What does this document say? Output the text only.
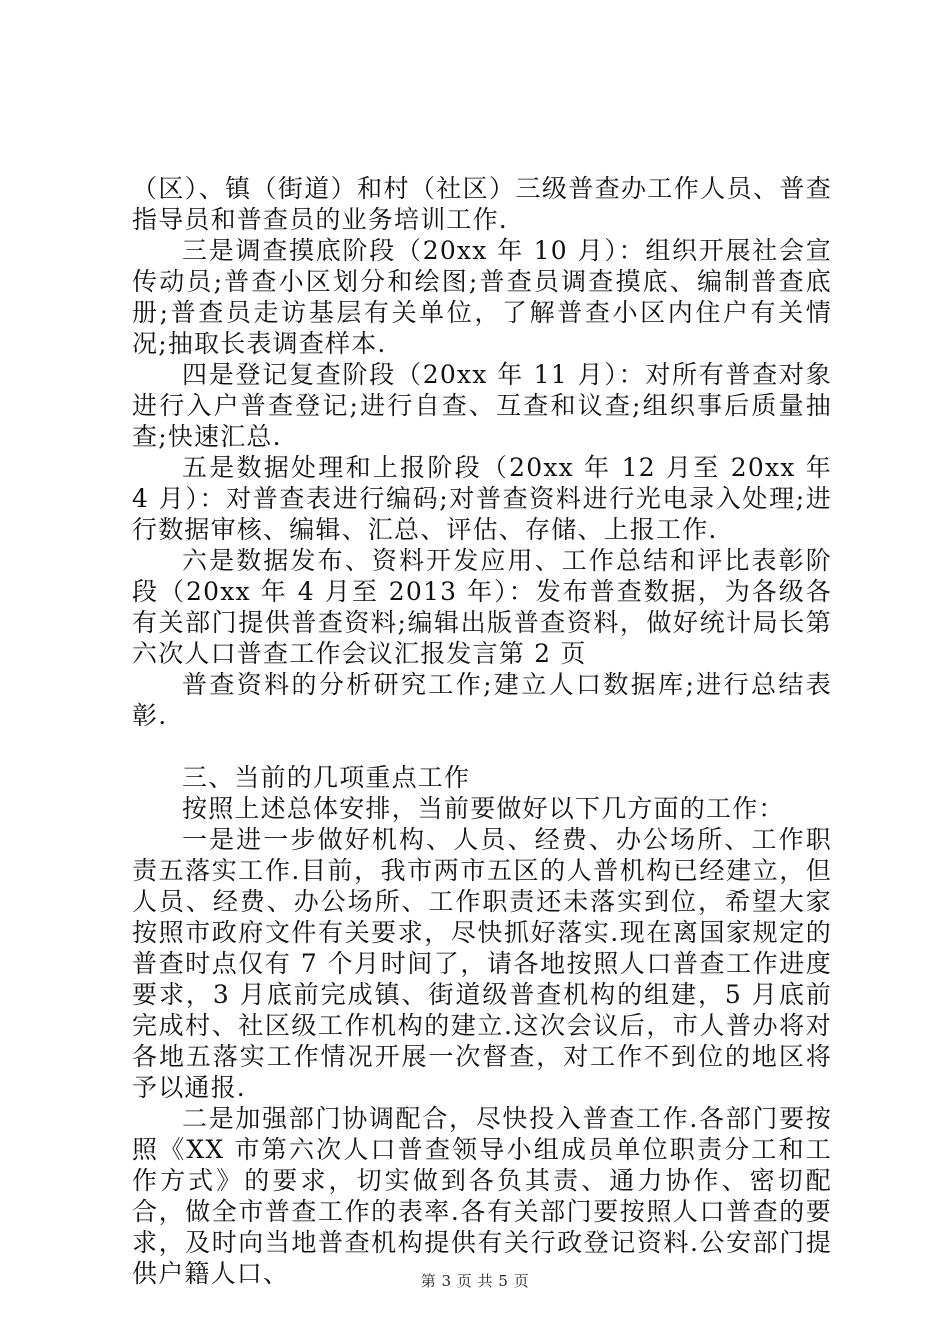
（区）、镇（街道）和村（社区）三级普查办工作人员、普查指导员和普查员的业务培训工作.

三是调查摸底阶段（20xx 年 10 月）：组织开展社会宣传动员;普查小区划分和绘图;普查员调查摸底、编制普查底册;普查员走访基层有关单位，了解普查小区内住户有关情况;抽取长表调查样本.

四是登记复查阶段（20xx 年 11 月）：对所有普查对象进行入户普查登记;进行自查、互查和议查;组织事后质量抽查;快速汇总.

五是数据处理和上报阶段（20xx 年 12 月至 20xx 年 4 月）：对普查表进行编码;对普查资料进行光电录入处理;进行数据审核、编辑、汇总、评估、存储、上报工作.

六是数据发布、资料开发应用、工作总结和评比表彰阶段（20xx 年 4 月至 2013 年）：发布普查数据，为各级各有关部门提供普查资料;编辑出版普查资料，做好统计局长第六次人口普查工作会议汇报发言第 2 页

普查资料的分析研究工作;建立人口数据库;进行总结表彰.

三、当前的几项重点工作

按照上述总体安排，当前要做好以下几方面的工作：

一是进一步做好机构、人员、经费、办公场所、工作职责五落实工作.目前，我市两市五区的人普机构已经建立，但人员、经费、办公场所、工作职责还未落实到位，希望大家按照市政府文件有关要求，尽快抓好落实.现在离国家规定的普查时点仅有 7 个月时间了，请各地按照人口普查工作进度要求，3 月底前完成镇、街道级普查机构的组建，5 月底前完成村、社区级工作机构的建立.这次会议后，市人普办将对各地五落实工作情况开展一次督查，对工作不到位的地区将予以通报.

二是加强部门协调配合，尽快投入普查工作.各部门要按照《XX 市第六次人口普查领导小组成员单位职责分工和工作方式》的要求，切实做到各负其责、通力协作、密切配合，做全市普查工作的表率.各有关部门要按照人口普查的要求，及时向当地普查机构提供有关行政登记资料.公安部门提供户籍人口、	第 3 页 共 5 页
